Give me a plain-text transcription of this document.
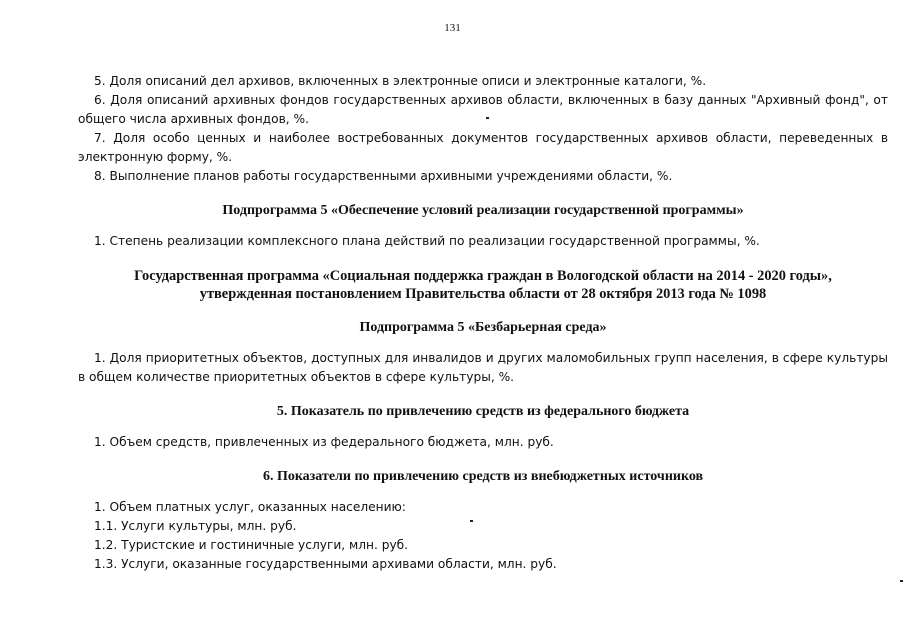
131

5. Доля описаний дел архивов, включенных в электронные описи и электронные каталоги, %.

6. Доля описаний архивных фондов государственных архивов области, включенных в базу данных "Архивный фонд", от общего числа архивных фондов, %.

7. Доля особо ценных и наиболее востребованных документов государственных архивов области, переведенных в электронную форму, %.

8. Выполнение планов работы государственными архивными учреждениями области, %.

Подпрограмма 5 «Обеспечение условий реализации государственной программы»

1. Степень реализации комплексного плана действий по реализации государственной программы, %.

Государственная программа «Социальная поддержка граждан в Вологодской области на 2014 - 2020 годы»,
утвержденная постановлением Правительства области от 28 октября 2013 года № 1098
Подпрограмма 5 «Безбарьерная среда»

1. Доля приоритетных объектов, доступных для инвалидов и других маломобильных групп населения, в сфере культуры в общем количестве приоритетных объектов в сфере культуры, %.

5. Показатель по привлечению средств из федерального бюджета

1. Объем средств, привлеченных из федерального бюджета, млн. руб.

6. Показатели по привлечению средств из внебюджетных источников

1. Объем платных услуг, оказанных населению:

1.1. Услуги культуры, млн. руб.

1.2. Туристские и гостиничные услуги, млн. руб.

1.3. Услуги, оказанные государственными архивами области, млн. руб.
